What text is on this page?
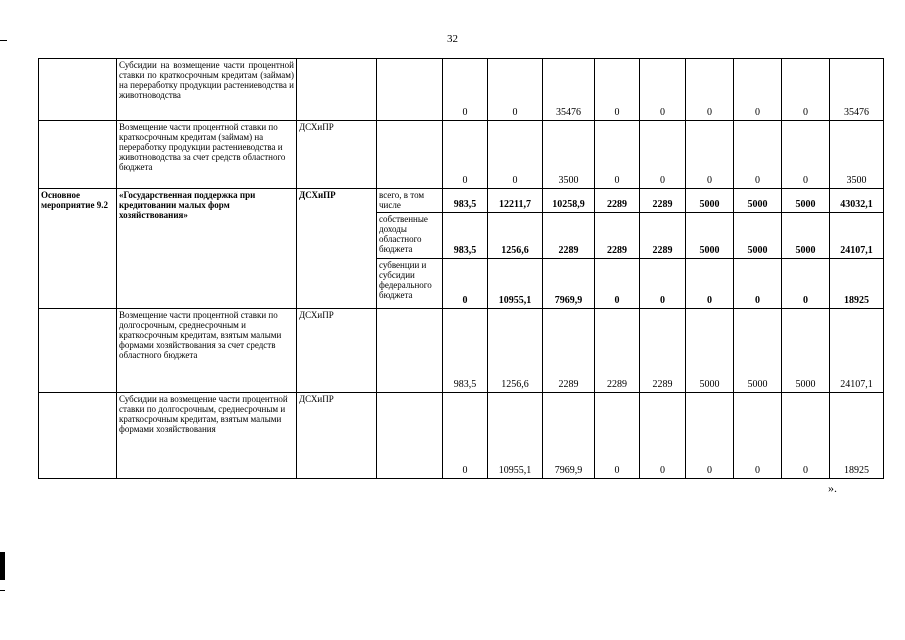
32
	Субсидии на возмещение части процентной ставки по краткосрочным кредитам (займам) на переработку продукции растениеводства и животноводства			0	0	35476	0	0	0	0	0	35476
	Возмещение части процентной ставки по краткосрочным кредитам (займам) на переработку продукции растениеводства и животноводства за счет средств областного бюджета	ДСХиПР		0	0	3500	0	0	0	0	0	3500
Основное мероприятие 9.2	«Государственная поддержка при кредитовании малых форм хозяйствования»	ДСХиПР	всего, в том числе	983,5	12211,7	10258,9	2289	2289	5000	5000	5000	43032,1
			собственные доходы областного бюджета	983,5	1256,6	2289	2289	2289	5000	5000	5000	24107,1
			субвенции и субсидии федерального бюджета	0	10955,1	7969,9	0	0	0	0	0	18925
	Возмещение части процентной ставки по долгосрочным, среднесрочным и краткосрочным кредитам, взятым малыми формами хозяйствования за счет средств областного бюджета	ДСХиПР		983,5	1256,6	2289	2289	2289	5000	5000	5000	24107,1
	Субсидии на возмещение части процентной ставки по долгосрочным, среднесрочным и краткосрочным кредитам, взятым малыми формами хозяйствования	ДСХиПР		0	10955,1	7969,9	0	0	0	0	0	18925
».
